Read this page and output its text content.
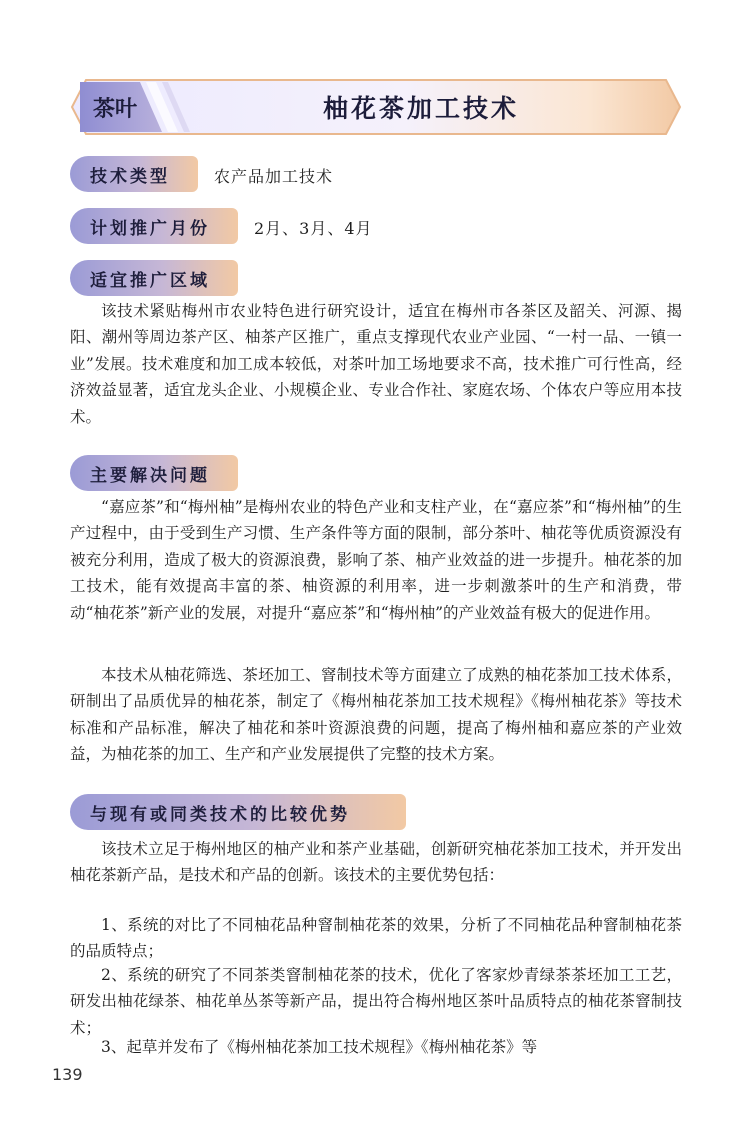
茶叶	柚花茶加工技术
技术类型	农产品加工技术
计划推广月份	2月、3月、4月
适宜推广区域

该技术紧贴梅州市农业特色进行研究设计，适宜在梅州市各茶区及韶关、河源、揭阳、潮州等周边茶产区、柚茶产区推广，重点支撑现代农业产业园、“一村一品、一镇一业”发展。技术难度和加工成本较低，对茶叶加工场地要求不高，技术推广可行性高，经济效益显著，适宜龙头企业、小规模企业、专业合作社、家庭农场、个体农户等应用本技术。

主要解决问题

“嘉应茶”和“梅州柚”是梅州农业的特色产业和支柱产业，在“嘉应茶”和“梅州柚”的生产过程中，由于受到生产习惯、生产条件等方面的限制，部分茶叶、柚花等优质资源没有被充分利用，造成了极大的资源浪费，影响了茶、柚产业效益的进一步提升。柚花茶的加工技术，能有效提高丰富的茶、柚资源的利用率，进一步刺激茶叶的生产和消费，带动“柚花茶”新产业的发展，对提升“嘉应茶”和“梅州柚”的产业效益有极大的促进作用。

本技术从柚花筛选、茶坯加工、窨制技术等方面建立了成熟的柚花茶加工技术体系，研制出了品质优异的柚花茶，制定了《梅州柚花茶加工技术规程》《梅州柚花茶》等技术标准和产品标准，解决了柚花和茶叶资源浪费的问题，提高了梅州柚和嘉应茶的产业效益，为柚花茶的加工、生产和产业发展提供了完整的技术方案。

与现有或同类技术的比较优势

该技术立足于梅州地区的柚产业和茶产业基础，创新研究柚花茶加工技术，并开发出柚花茶新产品，是技术和产品的创新。该技术的主要优势包括：

1、系统的对比了不同柚花品种窨制柚花茶的效果，分析了不同柚花品种窨制柚花茶的品质特点；

2、系统的研究了不同茶类窨制柚花茶的技术，优化了客家炒青绿茶茶坯加工工艺，研发出柚花绿茶、柚花单丛茶等新产品，提出符合梅州地区茶叶品质特点的柚花茶窨制技术；

3、起草并发布了《梅州柚花茶加工技术规程》《梅州柚花茶》等

139
